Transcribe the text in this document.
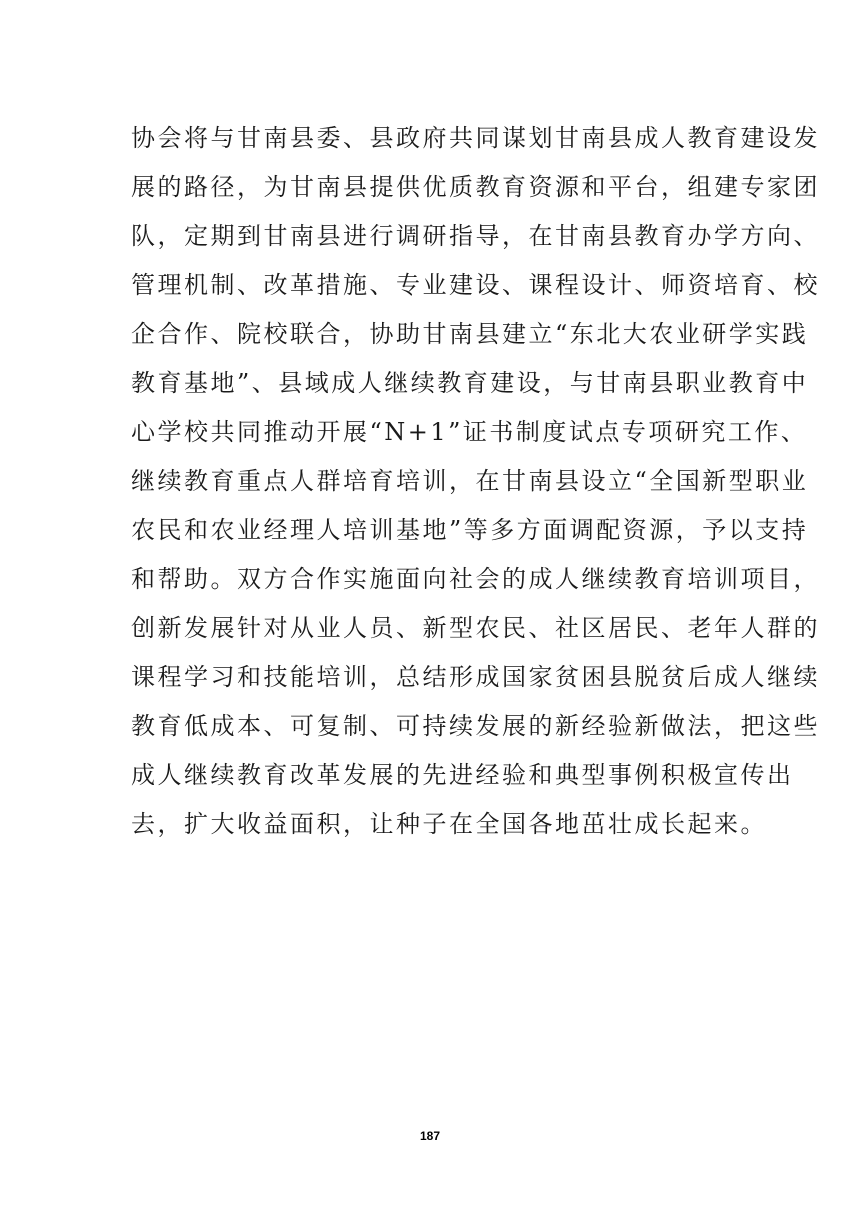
协会将与甘南县委、县政府共同谋划甘南县成人教育建设发
展的路径，为甘南县提供优质教育资源和平台，组建专家团
队，定期到甘南县进行调研指导，在甘南县教育办学方向、
管理机制、改革措施、专业建设、课程设计、师资培育、校
企合作、院校联合，协助甘南县建立“东北大农业研学实践
教育基地”、县域成人继续教育建设，与甘南县职业教育中
心学校共同推动开展“N+1”证书制度试点专项研究工作、
继续教育重点人群培育培训，在甘南县设立“全国新型职业
农民和农业经理人培训基地”等多方面调配资源，予以支持
和帮助。双方合作实施面向社会的成人继续教育培训项目，
创新发展针对从业人员、新型农民、社区居民、老年人群的
课程学习和技能培训，总结形成国家贫困县脱贫后成人继续
教育低成本、可复制、可持续发展的新经验新做法，把这些
成人继续教育改革发展的先进经验和典型事例积极宣传出
去，扩大收益面积，让种子在全国各地茁壮成长起来。
187
